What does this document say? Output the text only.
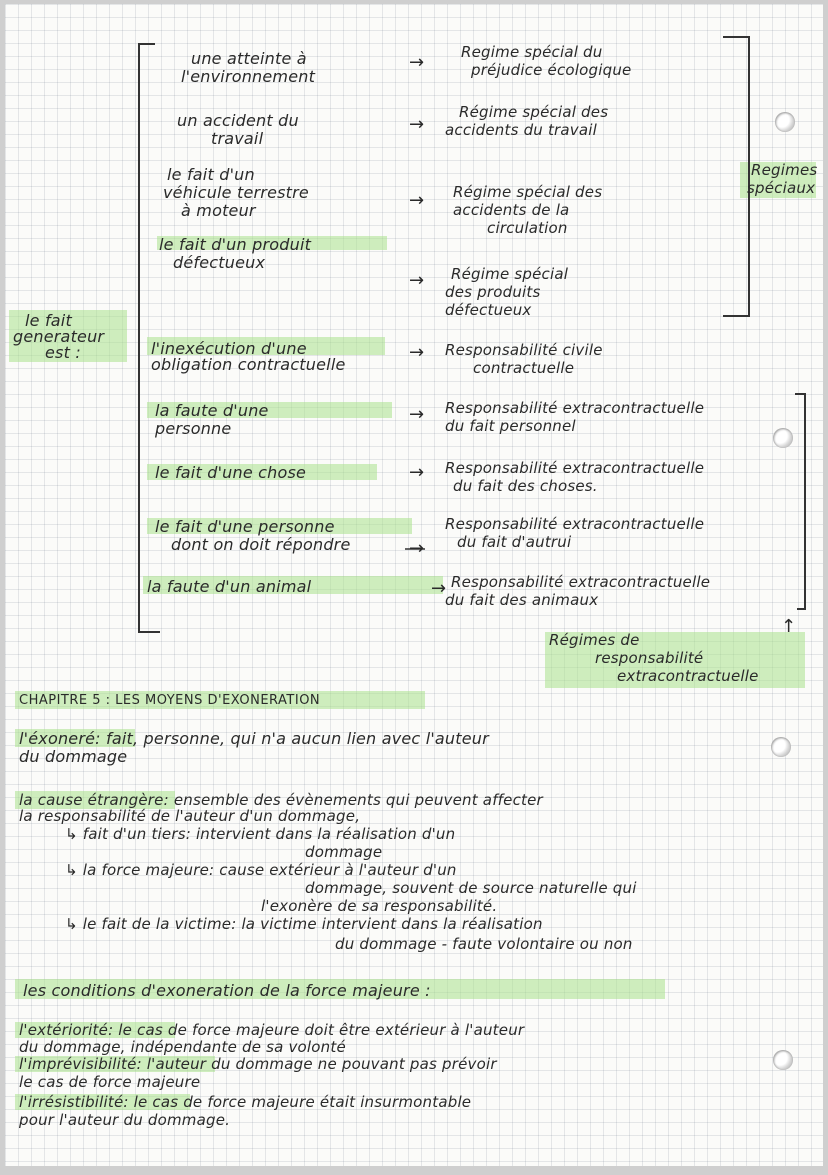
le fait
generateur
est :
une atteinte à
l'environnement
un accident du
travail
le fait d'un
véhicule terrestre
à moteur
le fait d'un produit
défectueux
l'inexécution d'une
obligation contractuelle
la faute d'une
personne
le fait d'une chose
le fait d'une personne
dont on doit répondre
la faute d'un animal
→
→
→
→
→
→
→
→
→
Regime spécial du
préjudice écologique
Régime spécial des
accidents du travail
Régime spécial des
accidents de la
circulation
Régime spécial
des produits
défectueux
Responsabilité civile
contractuelle
Responsabilité extracontractuelle
du fait personnel
Responsabilité extracontractuelle
du fait des choses.
Responsabilité extracontractuelle
du fait d'autrui
Responsabilité extracontractuelle
du fait des animaux
Regimes
spéciaux
↑
Régimes de
responsabilité
extracontractuelle
CHAPITRE 5 : LES MOYENS D'EXONERATION
l'éxoneré: fait, personne, qui n'a aucun lien avec l'auteur
du dommage
la cause étrangère: ensemble des évènements qui peuvent affecter
la responsabilité de l'auteur d'un dommage,
↳ fait d'un tiers: intervient dans la réalisation d'un
dommage
↳ la force majeure: cause extérieur à l'auteur d'un
dommage, souvent de source naturelle qui
l'exonère de sa responsabilité.
↳ le fait de la victime: la victime intervient dans la réalisation
du dommage - faute volontaire ou non
les conditions d'exoneration de la force majeure :
l'extériorité: le cas de force majeure doit être extérieur à l'auteur
du dommage, indépendante de sa volonté
l'imprévisibilité: l'auteur du dommage ne pouvant pas prévoir
le cas de force majeure
l'irrésistibilité: le cas de force majeure était insurmontable
pour l'auteur du dommage.
